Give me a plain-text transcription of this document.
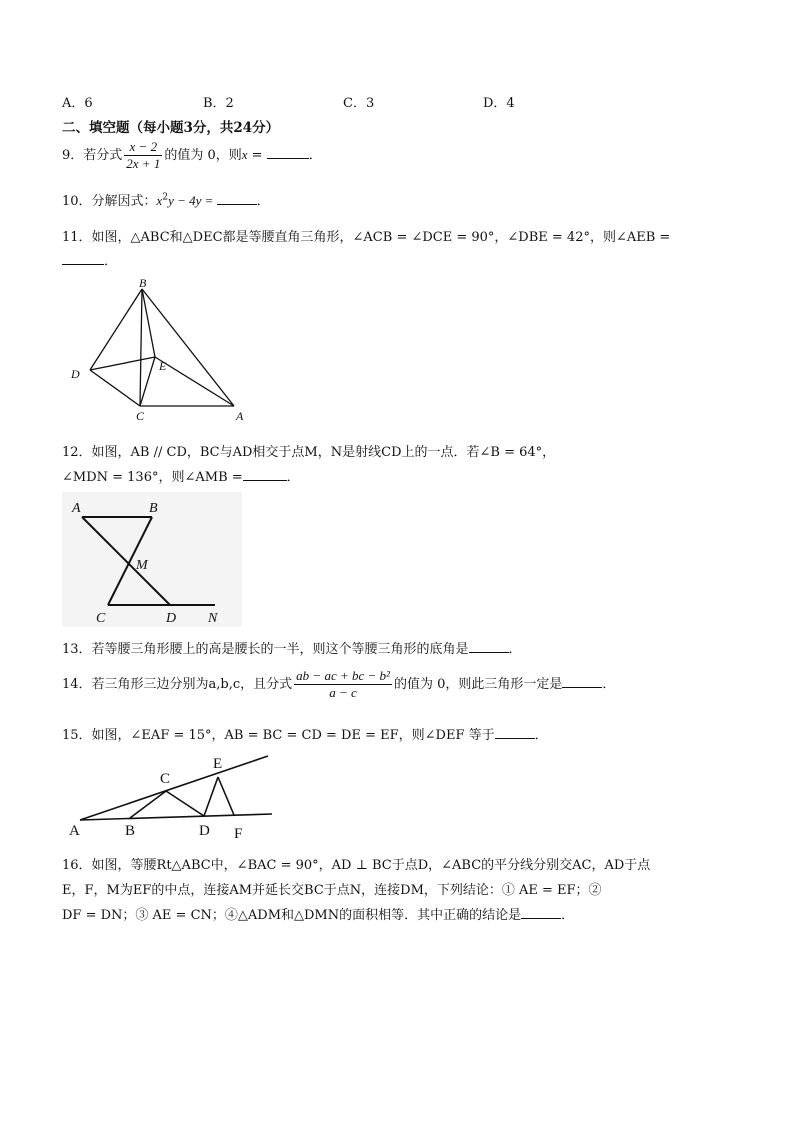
A．6	B．2	C．3	D．4
二、填空题（每小题3分，共24分）
9．若分式 $\frac{x - 2}{2x + 1}$ 的值为 0，则x =	．
10．分解因式：$x^2y - 4y$ =	．
11．如图，△ABC和△DEC都是等腰直角三角形，∠ACB = ∠DCE = 90°，∠DBE = 42°，则∠AEB =
．
B
D
E
C	A
12．如图，AB // CD，BC与AD相交于点M，N是射线CD上的一点．若∠B = 64°，
∠MDN = 136°，则∠AMB =	．
A	B
M
C	D N
13．若等腰三角形腰上的高是腰长的一半，则这个等腰三角形的底角是	．
14．若三角形三边分别为a,b,c，且分式 $\frac{\text{ab − ac + bc − b²}}{a - c}$ 的值为 0，则此三角形一定是	．
15．如图，∠EAF = 15°，AB = BC = CD = DE = EF，则∠DEF 等于	．
A	B
C
D
E
F
16．如图，等腰Rt△ABC中，∠BAC = 90°，AD ⊥ BC于点D，∠ABC的平分线分别交AC，AD于点
E，F，M为EF的中点，连接AM并延长交BC于点N，连接DM，下列结论：① AE = EF；②
DF = DN；③ AE = CN；④△ADM和△DMN的面积相等．其中正确的结论是	．
